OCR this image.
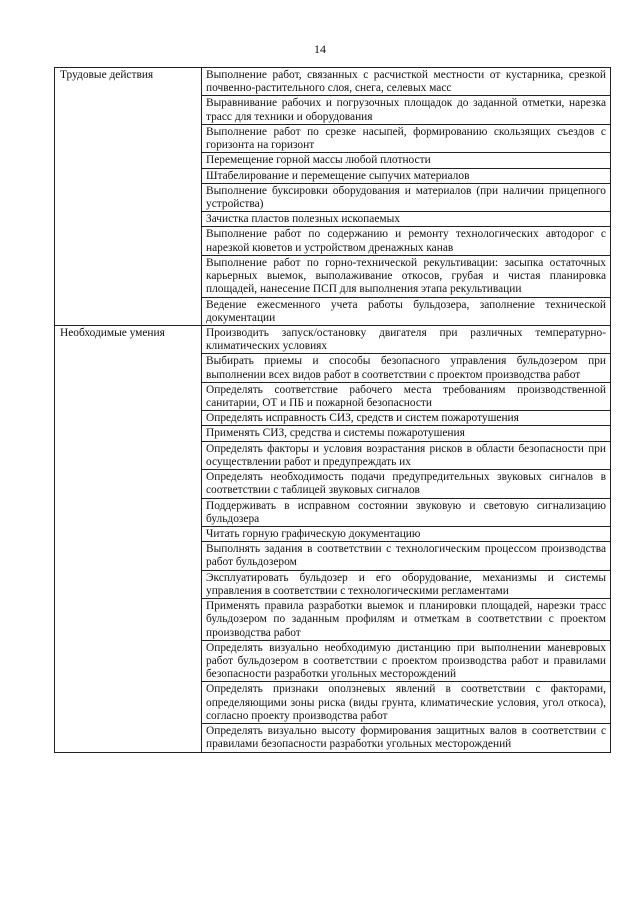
14
Трудовые действия	Выполнение работ, связанных с расчисткой местности от кустарника, срезкой почвенно-растительного слоя, снега, селевых масс
	Выравнивание рабочих и погрузочных площадок до заданной отметки, нарезка трасс для техники и оборудования
	Выполнение работ по срезке насыпей, формированию скользящих съездов с горизонта на горизонт
	Перемещение горной массы любой плотности
	Штабелирование и перемещение сыпучих материалов
	Выполнение буксировки оборудования и материалов (при наличии прицепного устройства)
	Зачистка пластов полезных ископаемых
	Выполнение работ по содержанию и ремонту технологических автодорог с нарезкой кюветов и устройством дренажных канав
	Выполнение работ по горно-технической рекультивации: засыпка остаточных карьерных выемок, выполаживание откосов, грубая и чистая планировка площадей, нанесение ПСП для выполнения этапа рекультивации
	Ведение ежесменного учета работы бульдозера, заполнение технической документации
Необходимые умения	Производить запуск/остановку двигателя при различных температурно-климатических условиях
	Выбирать приемы и способы безопасного управления бульдозером при выполнении всех видов работ в соответствии с проектом производства работ
	Определять соответствие рабочего места требованиям производственной санитарии, ОТ и ПБ и пожарной безопасности
	Определять исправность СИЗ, средств и систем пожаротушения
	Применять СИЗ, средства и системы пожаротушения
	Определять факторы и условия возрастания рисков в области безопасности при осуществлении работ и предупреждать их
	Определять необходимость подачи предупредительных звуковых сигналов в соответствии с таблицей звуковых сигналов
	Поддерживать в исправном состоянии звуковую и световую сигнализацию бульдозера
	Читать горную графическую документацию
	Выполнять задания в соответствии с технологическим процессом производства работ бульдозером
	Эксплуатировать бульдозер и его оборудование, механизмы и системы управления в соответствии с технологическими регламентами
	Применять правила разработки выемок и планировки площадей, нарезки трасс бульдозером по заданным профилям и отметкам в соответствии с проектом производства работ
	Определять визуально необходимую дистанцию при выполнении маневровых работ бульдозером в соответствии с проектом производства работ и правилами безопасности разработки угольных месторождений
	Определять признаки оползневых явлений в соответствии с факторами, определяющими зоны риска (виды грунта, климатические условия, угол откоса), согласно проекту производства работ
	Определять визуально высоту формирования защитных валов в соответствии с правилами безопасности разработки угольных месторождений
